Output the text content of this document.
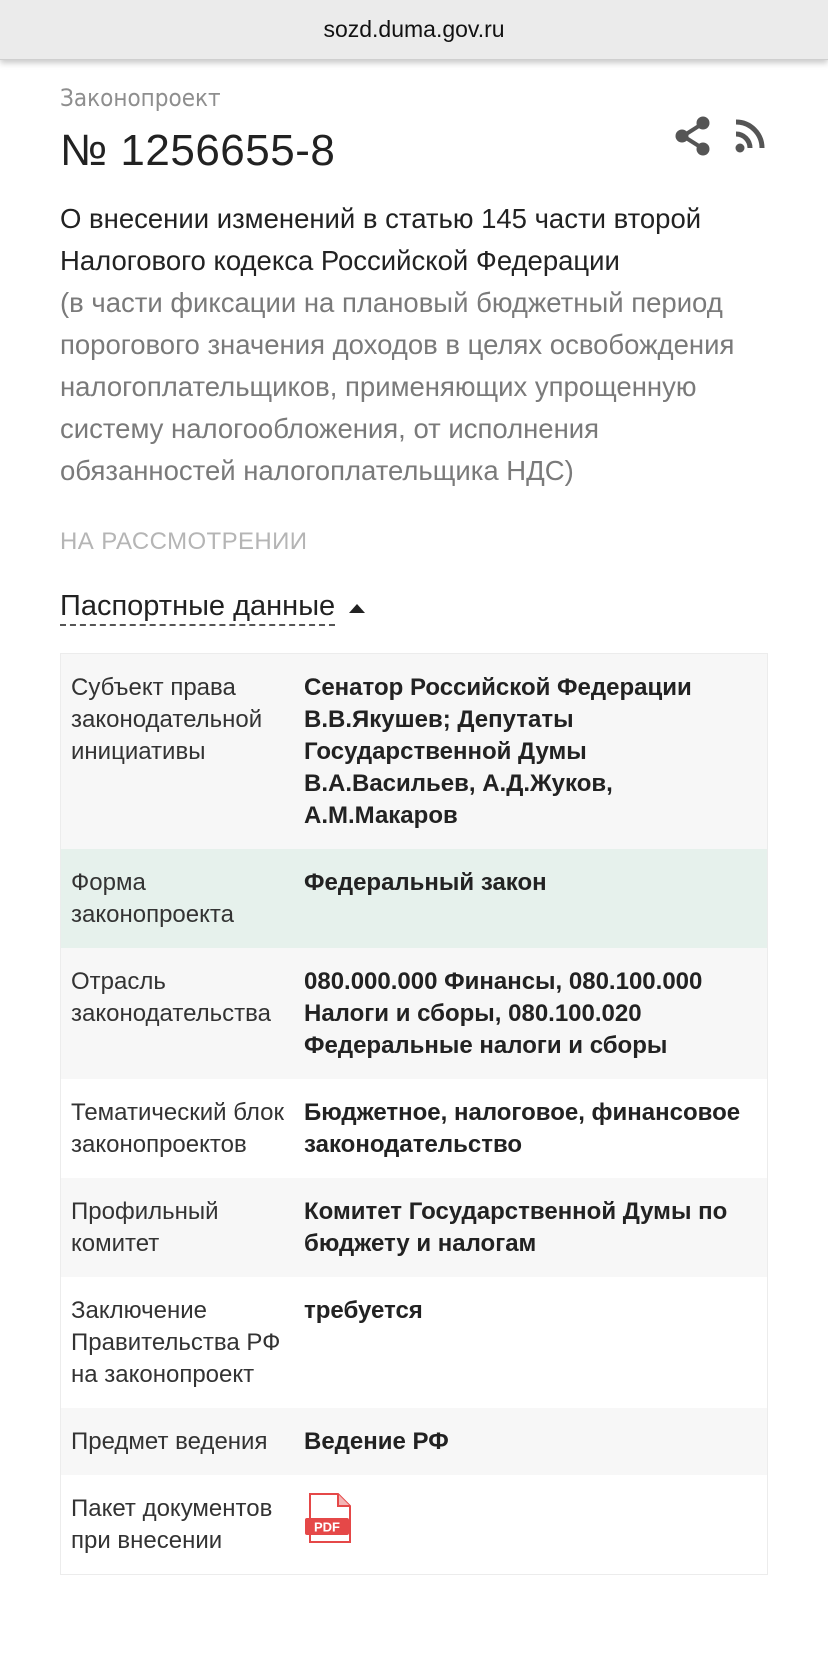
sozd.duma.gov.ru
Законопроект
№ 1256655-8
О внесении изменений в статью 145 части второй Налогового кодекса Российской Федерации
(в части фиксации на плановый бюджетный период порогового значения доходов в целях освобождения налогоплательщиков, применяющих упрощенную систему налогообложения, от исполнения обязанностей налогоплательщика НДС)
НА РАССМОТРЕНИИ
Паспортные данные
Субъект права законодательной инициативы
Сенатор Российской Федерации В.В.Якушев; Депутаты Государственной Думы В.А.Васильев, А.Д.Жуков, А.М.Макаров
Форма законопроекта
Федеральный закон
Отрасль законодательства
080.000.000 Финансы, 080.100.000 Налоги и сборы, 080.100.020 Федеральные налоги и сборы
Тематический блок законопроектов
Бюджетное, налоговое, финансовое законодательство
Профильный комитет
Комитет Государственной Думы по бюджету и налогам
Заключение Правительства РФ на законопроект
требуется
Предмет ведения	Ведение РФ
Пакет документов при внесении	PDF
